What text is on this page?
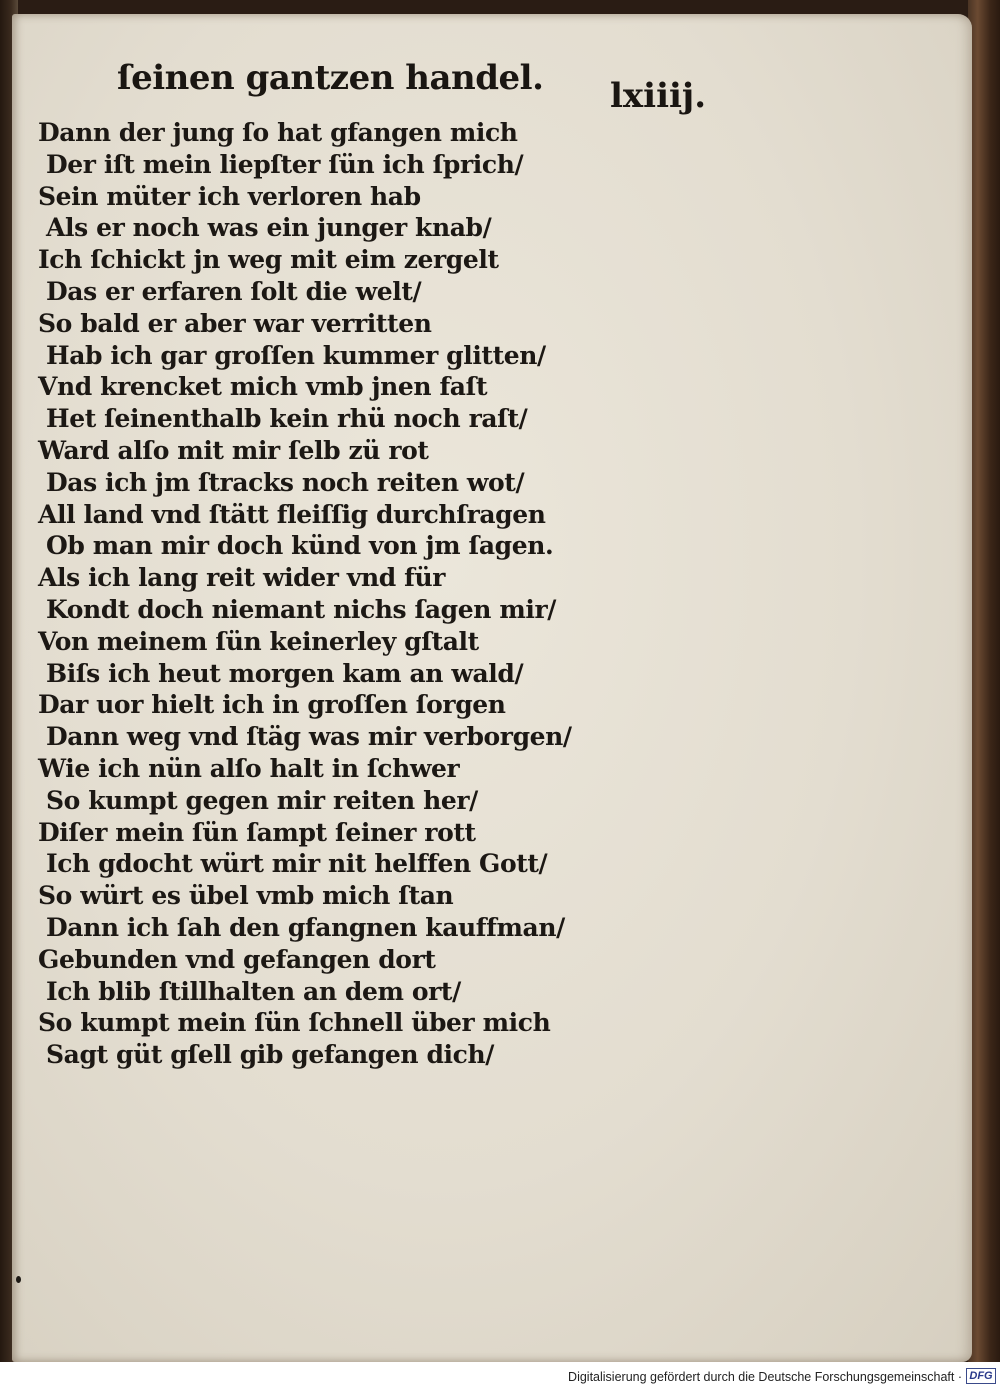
ſeinen gantzen handel. lxiiij.
Dann der jung ſo hat gfangen mich
Der iſt mein liepſter ſün ich ſprich/
Sein müter ich verloren hab
Als er noch was ein junger knab/
Ich ſchickt jn weg mit eim zergelt
Das er erfaren ſolt die welt/
So bald er aber war verritten
Hab ich gar groſſen kummer glitten/
Vnd krencket mich vmb jnen faſt
Het ſeinenthalb kein rhü noch raſt/
Ward alſo mit mir ſelb zü rot
Das ich jm ſtracks noch reiten wot/
All land vnd ſtätt fleiſſig durchſragen
Ob man mir doch künd von jm ſagen.
Als ich lang reit wider vnd für
Kondt doch niemant nichs ſagen mir/
Von meinem ſün keinerley gſtalt
Biſs ich heut morgen kam an wald/
Dar uor hielt ich in groſſen ſorgen
Dann weg vnd ſtäg was mir verborgen/
Wie ich nün alſo halt in ſchwer
So kumpt gegen mir reiten her/
Diſer mein ſün ſampt ſeiner rott
Ich gdocht würt mir nit helffen Gott/
So würt es übel vmb mich ſtan
Dann ich ſah den gfangnen kauffman/
Gebunden vnd gefangen dort
Ich blib ſtillhalten an dem ort/
So kumpt mein ſün ſchnell über mich
Sagt güt gſell gib gefangen dich/
Digitalisierung gefördert durch die Deutsche Forschungsgemeinschaft · DFG
